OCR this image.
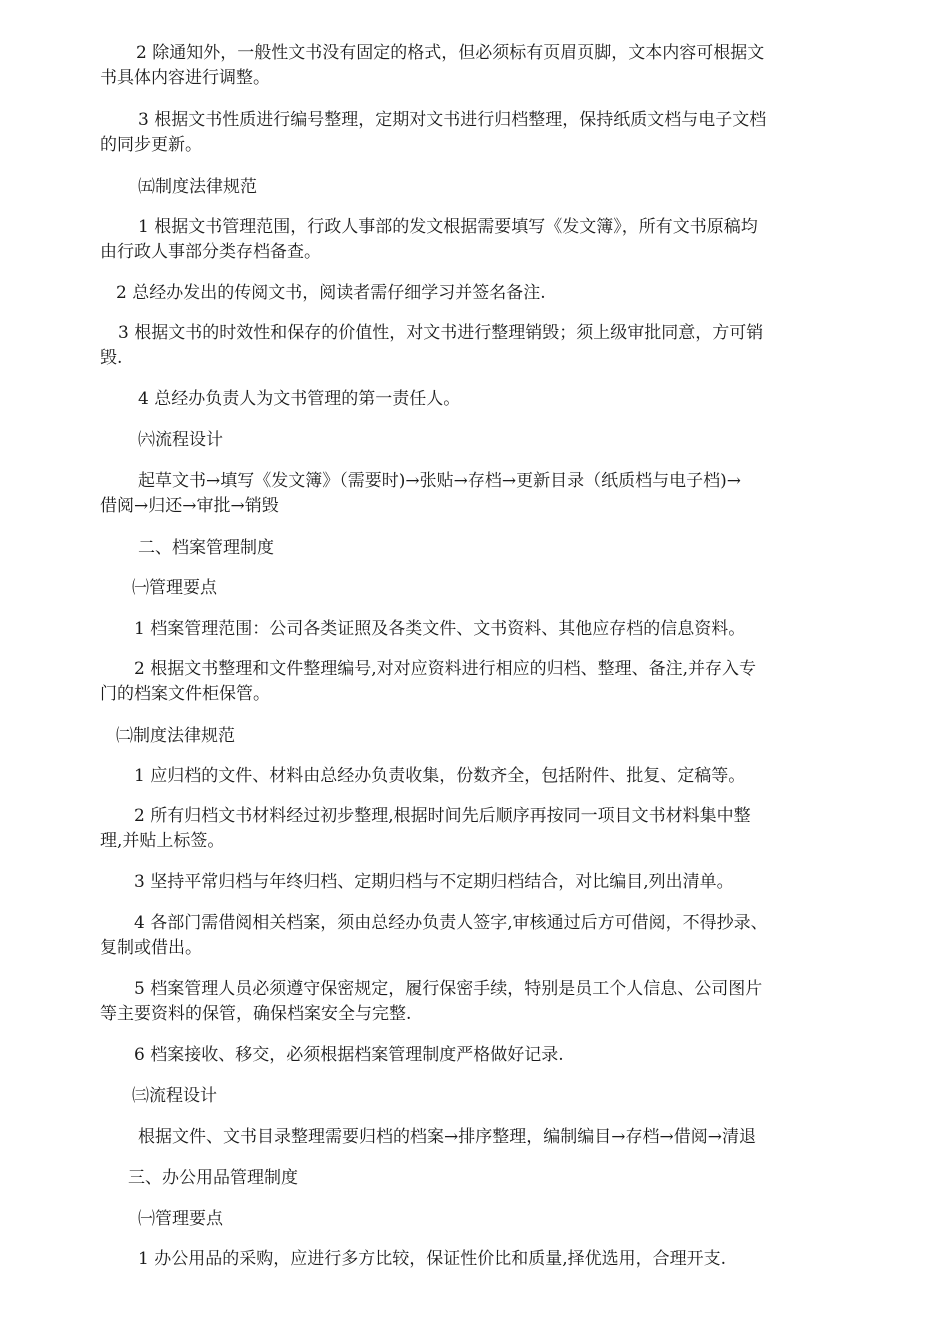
2 除通知外，一般性文书没有固定的格式，但必须标有页眉页脚，文本内容可根据文
书具体内容进行调整。
3 根据文书性质进行编号整理，定期对文书进行归档整理，保持纸质文档与电子文档
的同步更新。
㈤制度法律规范
1 根据文书管理范围，行政人事部的发文根据需要填写《发文簿》，所有文书原稿均
由行政人事部分类存档备查。
2 总经办发出的传阅文书，阅读者需仔细学习并签名备注.
3 根据文书的时效性和保存的价值性，对文书进行整理销毁；须上级审批同意，方可销
毁.
4 总经办负责人为文书管理的第一责任人。
㈥流程设计
起草文书→填写《发文簿》（需要时)→张贴→存档→更新目录（纸质档与电子档)→
借阅→归还→审批→销毁
二、档案管理制度
㈠管理要点
1 档案管理范围：公司各类证照及各类文件、文书资料、其他应存档的信息资料。
2 根据文书整理和文件整理编号,对对应资料进行相应的归档、整理、备注,并存入专
门的档案文件柜保管。
㈡制度法律规范
1 应归档的文件、材料由总经办负责收集，份数齐全，包括附件、批复、定稿等。
2 所有归档文书材料经过初步整理,根据时间先后顺序再按同一项目文书材料集中整
理,并贴上标签。
3 坚持平常归档与年终归档、定期归档与不定期归档结合，对比编目,列出清单。
4 各部门需借阅相关档案，须由总经办负责人签字,审核通过后方可借阅，不得抄录、
复制或借出。
5 档案管理人员必须遵守保密规定，履行保密手续，特别是员工个人信息、公司图片
等主要资料的保管，确保档案安全与完整.
6 档案接收、移交，必须根据档案管理制度严格做好记录.
㈢流程设计
根据文件、文书目录整理需要归档的档案→排序整理，编制编目→存档→借阅→清退
三、办公用品管理制度
㈠管理要点
1 办公用品的采购，应进行多方比较，保证性价比和质量,择优选用，合理开支.
